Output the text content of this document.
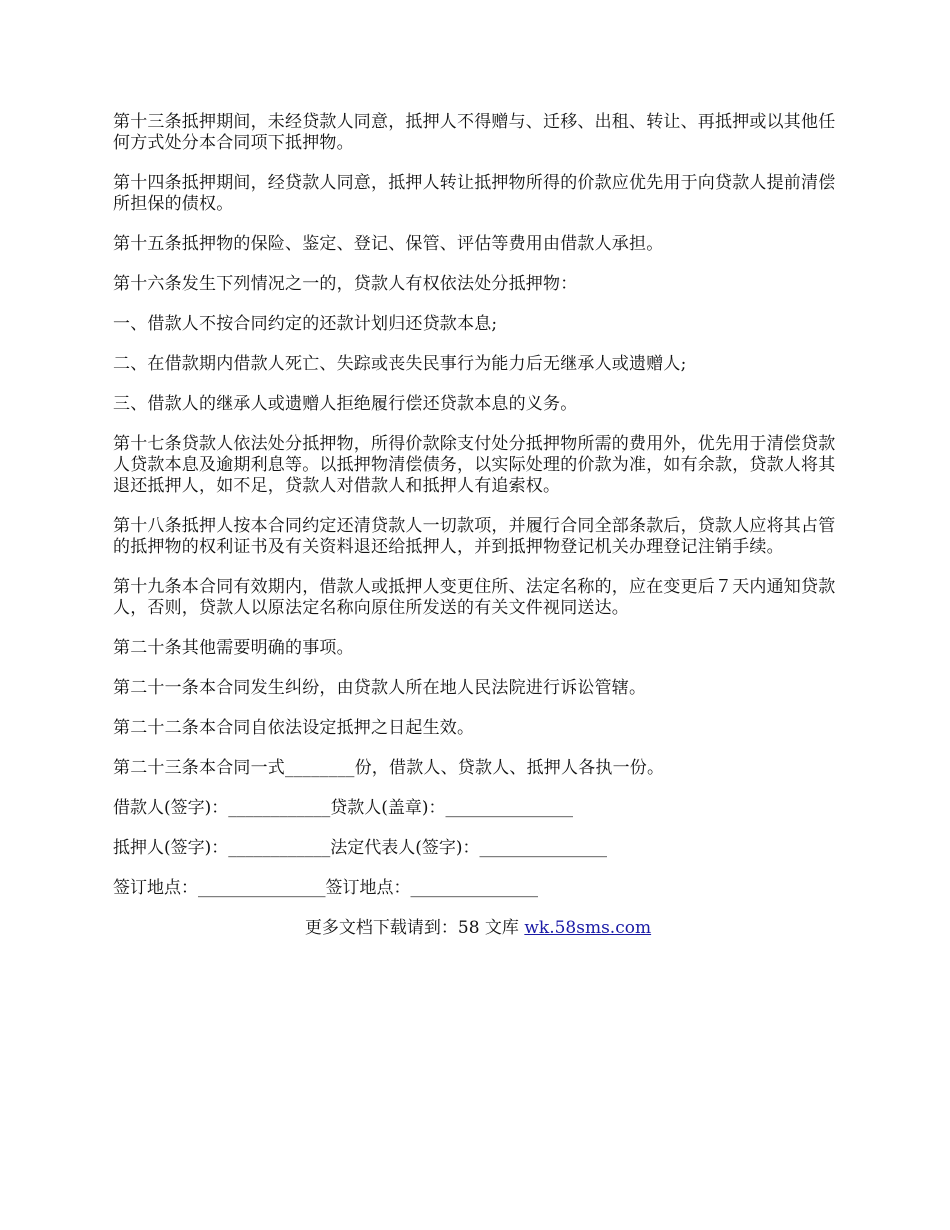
第十三条抵押期间，未经贷款人同意，抵押人不得赠与、迁移、出租、转让、再抵押或以其他任何方式处分本合同项下抵押物。

第十四条抵押期间，经贷款人同意，抵押人转让抵押物所得的价款应优先用于向贷款人提前清偿所担保的债权。

第十五条抵押物的保险、鉴定、登记、保管、评估等费用由借款人承担。

第十六条发生下列情况之一的，贷款人有权依法处分抵押物：

一、借款人不按合同约定的还款计划归还贷款本息;

二、在借款期内借款人死亡、失踪或丧失民事行为能力后无继承人或遗赠人;

三、借款人的继承人或遗赠人拒绝履行偿还贷款本息的义务。

第十七条贷款人依法处分抵押物，所得价款除支付处分抵押物所需的费用外，优先用于清偿贷款人贷款本息及逾期利息等。以抵押物清偿债务，以实际处理的价款为准，如有余款，贷款人将其退还抵押人，如不足，贷款人对借款人和抵押人有追索权。

第十八条抵押人按本合同约定还清贷款人一切款项，并履行合同全部条款后，贷款人应将其占管的抵押物的权利证书及有关资料退还给抵押人，并到抵押物登记机关办理登记注销手续。

第十九条本合同有效期内，借款人或抵押人变更住所、法定名称的，应在变更后７天内通知贷款人，否则，贷款人以原法定名称向原住所发送的有关文件视同送达。

第二十条其他需要明确的事项。

第二十一条本合同发生纠纷，由贷款人所在地人民法院进行诉讼管辖。

第二十二条本合同自依法设定抵押之日起生效。

第二十三条本合同一式________份，借款人、贷款人、抵押人各执一份。

借款人(签字)：____________贷款人(盖章)：_______________

抵押人(签字)：____________法定代表人(签字)：_______________

签订地点：_______________签订地点：_______________

更多文档下载请到：58 文库 wk.58sms.com
